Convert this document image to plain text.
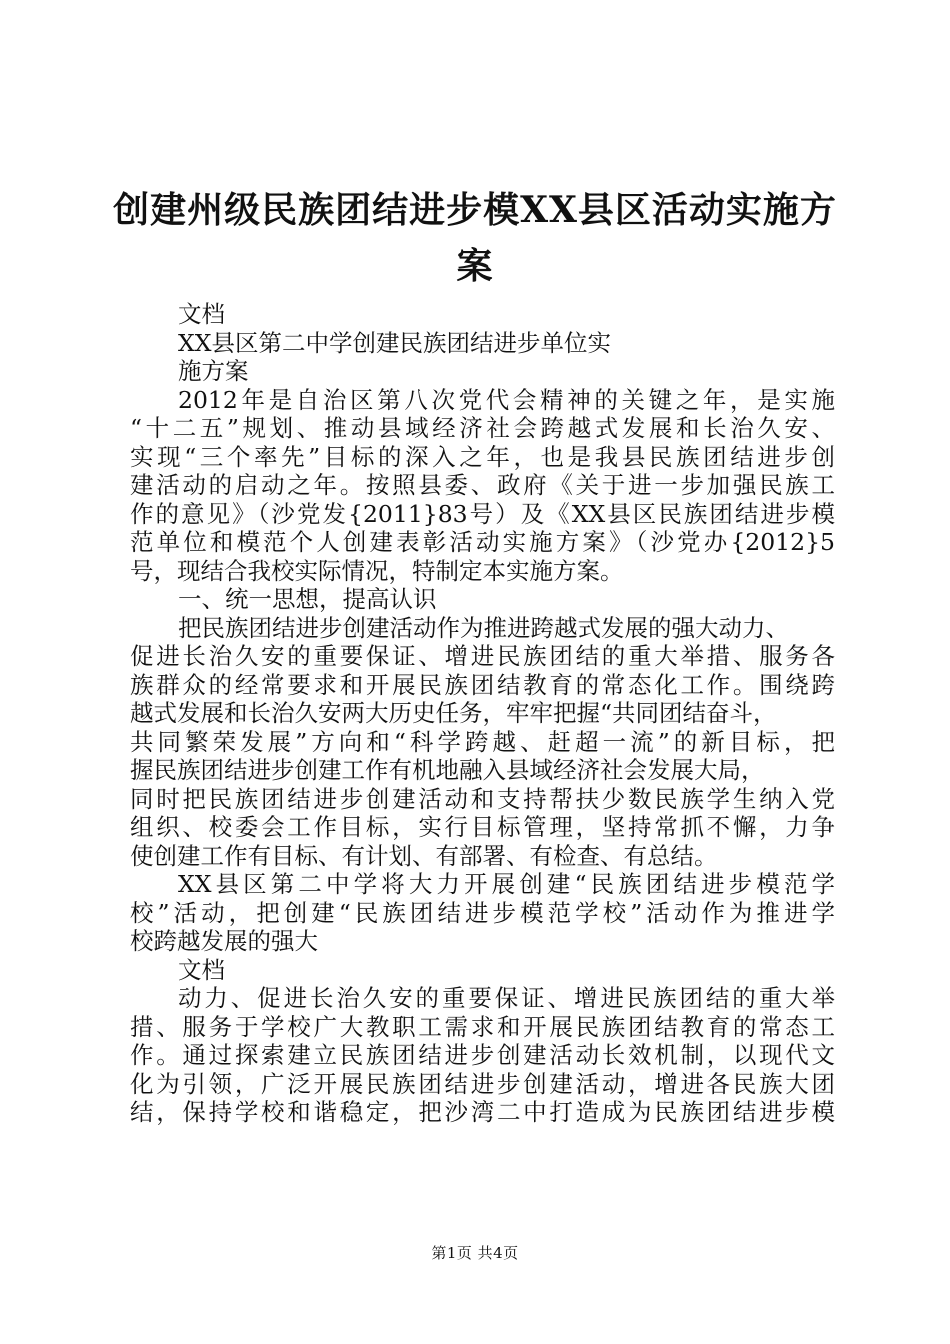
创建州级民族团结进步模XX县区活动实施方
案
文档
XX县区第二中学创建民族团结进步单位实
施方案
2012年是自治区第八次党代会精神的关键之年，是实施
“十二五”规划、推动县域经济社会跨越式发展和长治久安、
实现“三个率先”目标的深入之年，也是我县民族团结进步创
建活动的启动之年。按照县委、政府《关于进一步加强民族工
作的意见》（沙党发{2011}83号）及《XX县区民族团结进步模
范单位和模范个人创建表彰活动实施方案》（沙党办{2012}5
号，现结合我校实际情况，特制定本实施方案。
一、统一思想，提高认识
把民族团结进步创建活动作为推进跨越式发展的强大动力、
促进长治久安的重要保证、增进民族团结的重大举措、服务各
族群众的经常要求和开展民族团结教育的常态化工作。围绕跨
越式发展和长治久安两大历史任务，牢牢把握“共同团结奋斗，
共同繁荣发展”方向和“科学跨越、赶超一流”的新目标，把
握民族团结进步创建工作有机地融入县域经济社会发展大局，
同时把民族团结进步创建活动和支持帮扶少数民族学生纳入党
组织、校委会工作目标，实行目标管理，坚持常抓不懈，力争
使创建工作有目标、有计划、有部署、有检查、有总结。
XX县区第二中学将大力开展创建“民族团结进步模范学
校”活动，把创建“民族团结进步模范学校”活动作为推进学
校跨越发展的强大
文档
动力、促进长治久安的重要保证、增进民族团结的重大举
措、服务于学校广大教职工需求和开展民族团结教育的常态工
作。通过探索建立民族团结进步创建活动长效机制，以现代文
化为引领，广泛开展民族团结进步创建活动，增进各民族大团
结，保持学校和谐稳定，把沙湾二中打造成为民族团结进步模
第1页 共4页
